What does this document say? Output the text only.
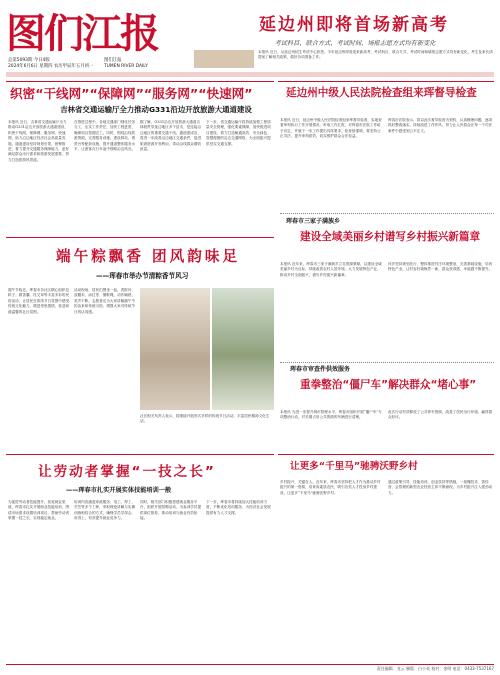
图们江报
总第5093期 今日4版
2024年6月6日 星期四 农历甲辰年五月初一
图们江报
TUMEN RIVER DAILY
延边州即将首场新高考
考试科目、联合方式、考试时间、场报志愿方式均有新变化
本报讯 近日，从延边州招生考试中心获悉，今年延边州即将迎来新高考，考试科目、联合方式、考试时间和填报志愿方式均有新变化，考生及家长请提前了解相关政策，做好各项准备工作。
织密“干线网”“保障网”“服务网”“快速网”
吉林省交通运输厅全力推动G331沿边开放旅游大通道建设
本报讯 近日，吉林省交通运输厅全力推动G331沿边开放旅游大通道建设，织密干线网、保障网、服务网、快速网，助力沿边地区经济社会高质量发展。通道建设坚持规划引领，统筹推进，着力提升交通服务保障能力，更好满足群众出行需求和旅游发展需要，努力打造旅游风景道。
在推进过程中，各地交通部门细化任务分工，压实工作责任，加快工程进度，确保项目按期完工。同时，围绕沿线旅游资源，完善服务设施，建设驿站、观景台等配套设施，提升通道整体服务水平，让游客在行车途中领略沿边风光。
据了解，G331沿边开放旅游大通道吉林段贯穿延边地区多个县市，是连接沿边地区的重要交通干线。通道建成后，将进一步改善沿边地区交通条件，促进旅游资源开发利用，带动沿线群众增收致富。
下一步，省交通运输厅将持续加强工程质量安全管理，强化要素保障，加快推进项目建设，着力打造畅通高效、安全绿色、智慧便捷的沿边交通网络，为全面振兴提供坚实交通支撑。
延边州中级人民法院检查组来珲督导检查
本报讯 近日，延边州中级人民法院检查组来珲督导检查，实地查看审判执行工作开展情况，听取工作汇报，对珲春市法院工作给予肯定，并就下一步工作提出具体要求。检查组强调，要坚持公正司法，提升审判质效，切实维护群众合法权益。
珲春市法院表示，将以此次督导检查为契机，认真梳理问题，逐项抓好整改落实，持续改进工作作风，努力让人民群众在每一个司法案件中感受到公平正义。
珲春市三家子满族乡
建设全域美丽乡村谱写乡村振兴新篇章
本报讯 近年来，珲春市三家子满族乡立足资源禀赋，以建设全域美丽乡村为目标，持续改善农村人居环境，大力发展特色产业，推动乡村全面振兴，谱写乡村振兴新篇章。
该乡坚持规划先行，整体推进村庄环境整治，完善基础设施，培育特色产业，让村容村貌焕然一新，群众获得感、幸福感不断提升。
端午粽飘香 团风韵味足
——珲春市举办节清粽香节风习
端午节临近，珲春市各社区精心组织包粽子、做香囊、挂艾草等丰富多彩的民俗活动，让居民在浓浓节日氛围中感受传统文化魅力，增进邻里感情，营造和谐温馨的社区氛围。
活动现场，居民们围坐一起，洗粽叶、放糯米、添红枣、捆粽绳，动作娴熟，笑声不断。志愿者还为大家讲解端午节的由来和传统习俗，增强大家对传统节日的认同感。
社区相关负责人表示，将继续开展形式多样的传统节日活动，丰富居民精神文化生活。
珲春市审查件供效服务
重拳整治“僵尸车”解决群众“堵心事”
本报讯 为进一步提升城市管理水平，珲春市组织开展“僵尸车”专项整治行动，对长期占用公共资源的车辆进行清理。
此次行动有效释放了公共停车资源，改善了居民出行环境，赢得群众好评。
让劳动者掌握“一技之长”
——珲春市扎实开展实体技能培训一般
为促进劳动者技能提升，拓宽就业渠道，珲春市扎实开展职业技能培训，围绕市场需求设置培训项目，帮助劳动者掌握一技之长，实现稳定就业。
培训内容涵盖家政服务、电工、焊工、烹饪等多个工种，采取理论讲解与实操训练相结合的方式，确保学员学得会、用得上，有效提升就业竞争力。
同时，相关部门积极搭建就业服务平台，组织开展招聘活动，为参训学员提供岗位推荐，推动培训与就业有效衔接。
下一步，珲春市将持续加大技能培训力度，不断优化培训服务，为经济社会发展提供有力人才支撑。
让更多“千里马”驰骋沃野乡村
乡村振兴，关键在人。近年来，珲春市坚持把人才作为推动乡村振兴的第一资源，培育高素质农民，吸引各类人才投身乡村建设，让更多“千里马”驰骋沃野乡村。
通过政策引导、技能培训、创业扶持等措施，一批懂技术、善经营、会管理的新型农业经营主体不断涌现，为乡村振兴注入强劲动力。
责任编辑：龙云 制版：白小英 校对：金明 电话：0433-7537167
